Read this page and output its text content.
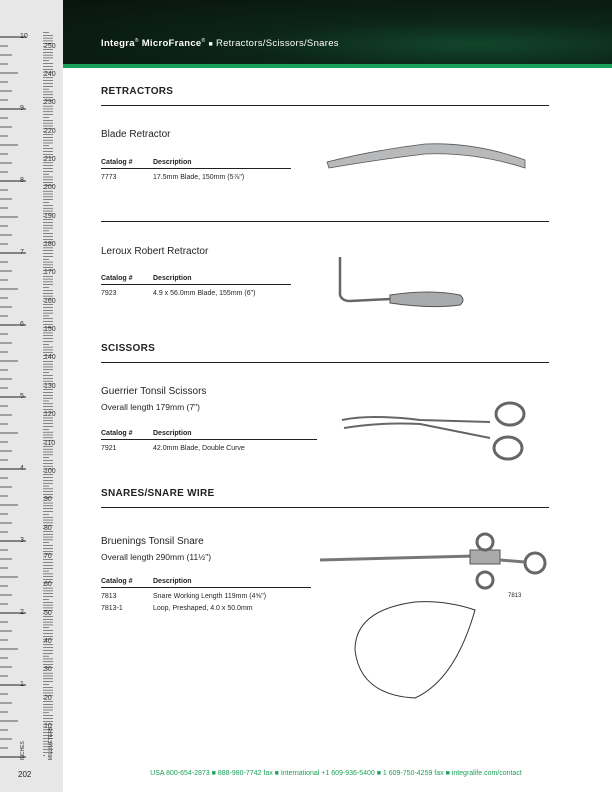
1
2
3
4
5
6
7
8
9
10
10
20
30
40
50
60
70
80
90
100
110
120
130
140
150
160
170
180
190
200
210
220
230
240
250
INCHES	MILLIMETERS
202
Integra® MicroFrance® ■ Retractors/Scissors/Snares
RETRACTORS
Blade Retractor
Catalog #	Description
7773	17.5mm Blade, 150mm (5⅞")
Leroux Robert Retractor
Catalog #	Description
7923	4.9 x 56.0mm Blade, 155mm (6")
SCISSORS
Guerrier Tonsil Scissors
Overall length 179mm (7")
Catalog #	Description
7921	42.0mm Blade, Double Curve
SNARES/SNARE WIRE
Bruenings Tonsil Snare
Overall length 290mm (11½")
Catalog #	Description
7813	Snare Working Length 119mm (4⅝")
7813-1	Loop, Preshaped, 4.0 x 50.0mm
7813
USA 800-654-2873 ■ 888-980-7742 fax ■ International +1 609-936-5400 ■ 1 609-750-4259 fax ■ integralife.com/contact
